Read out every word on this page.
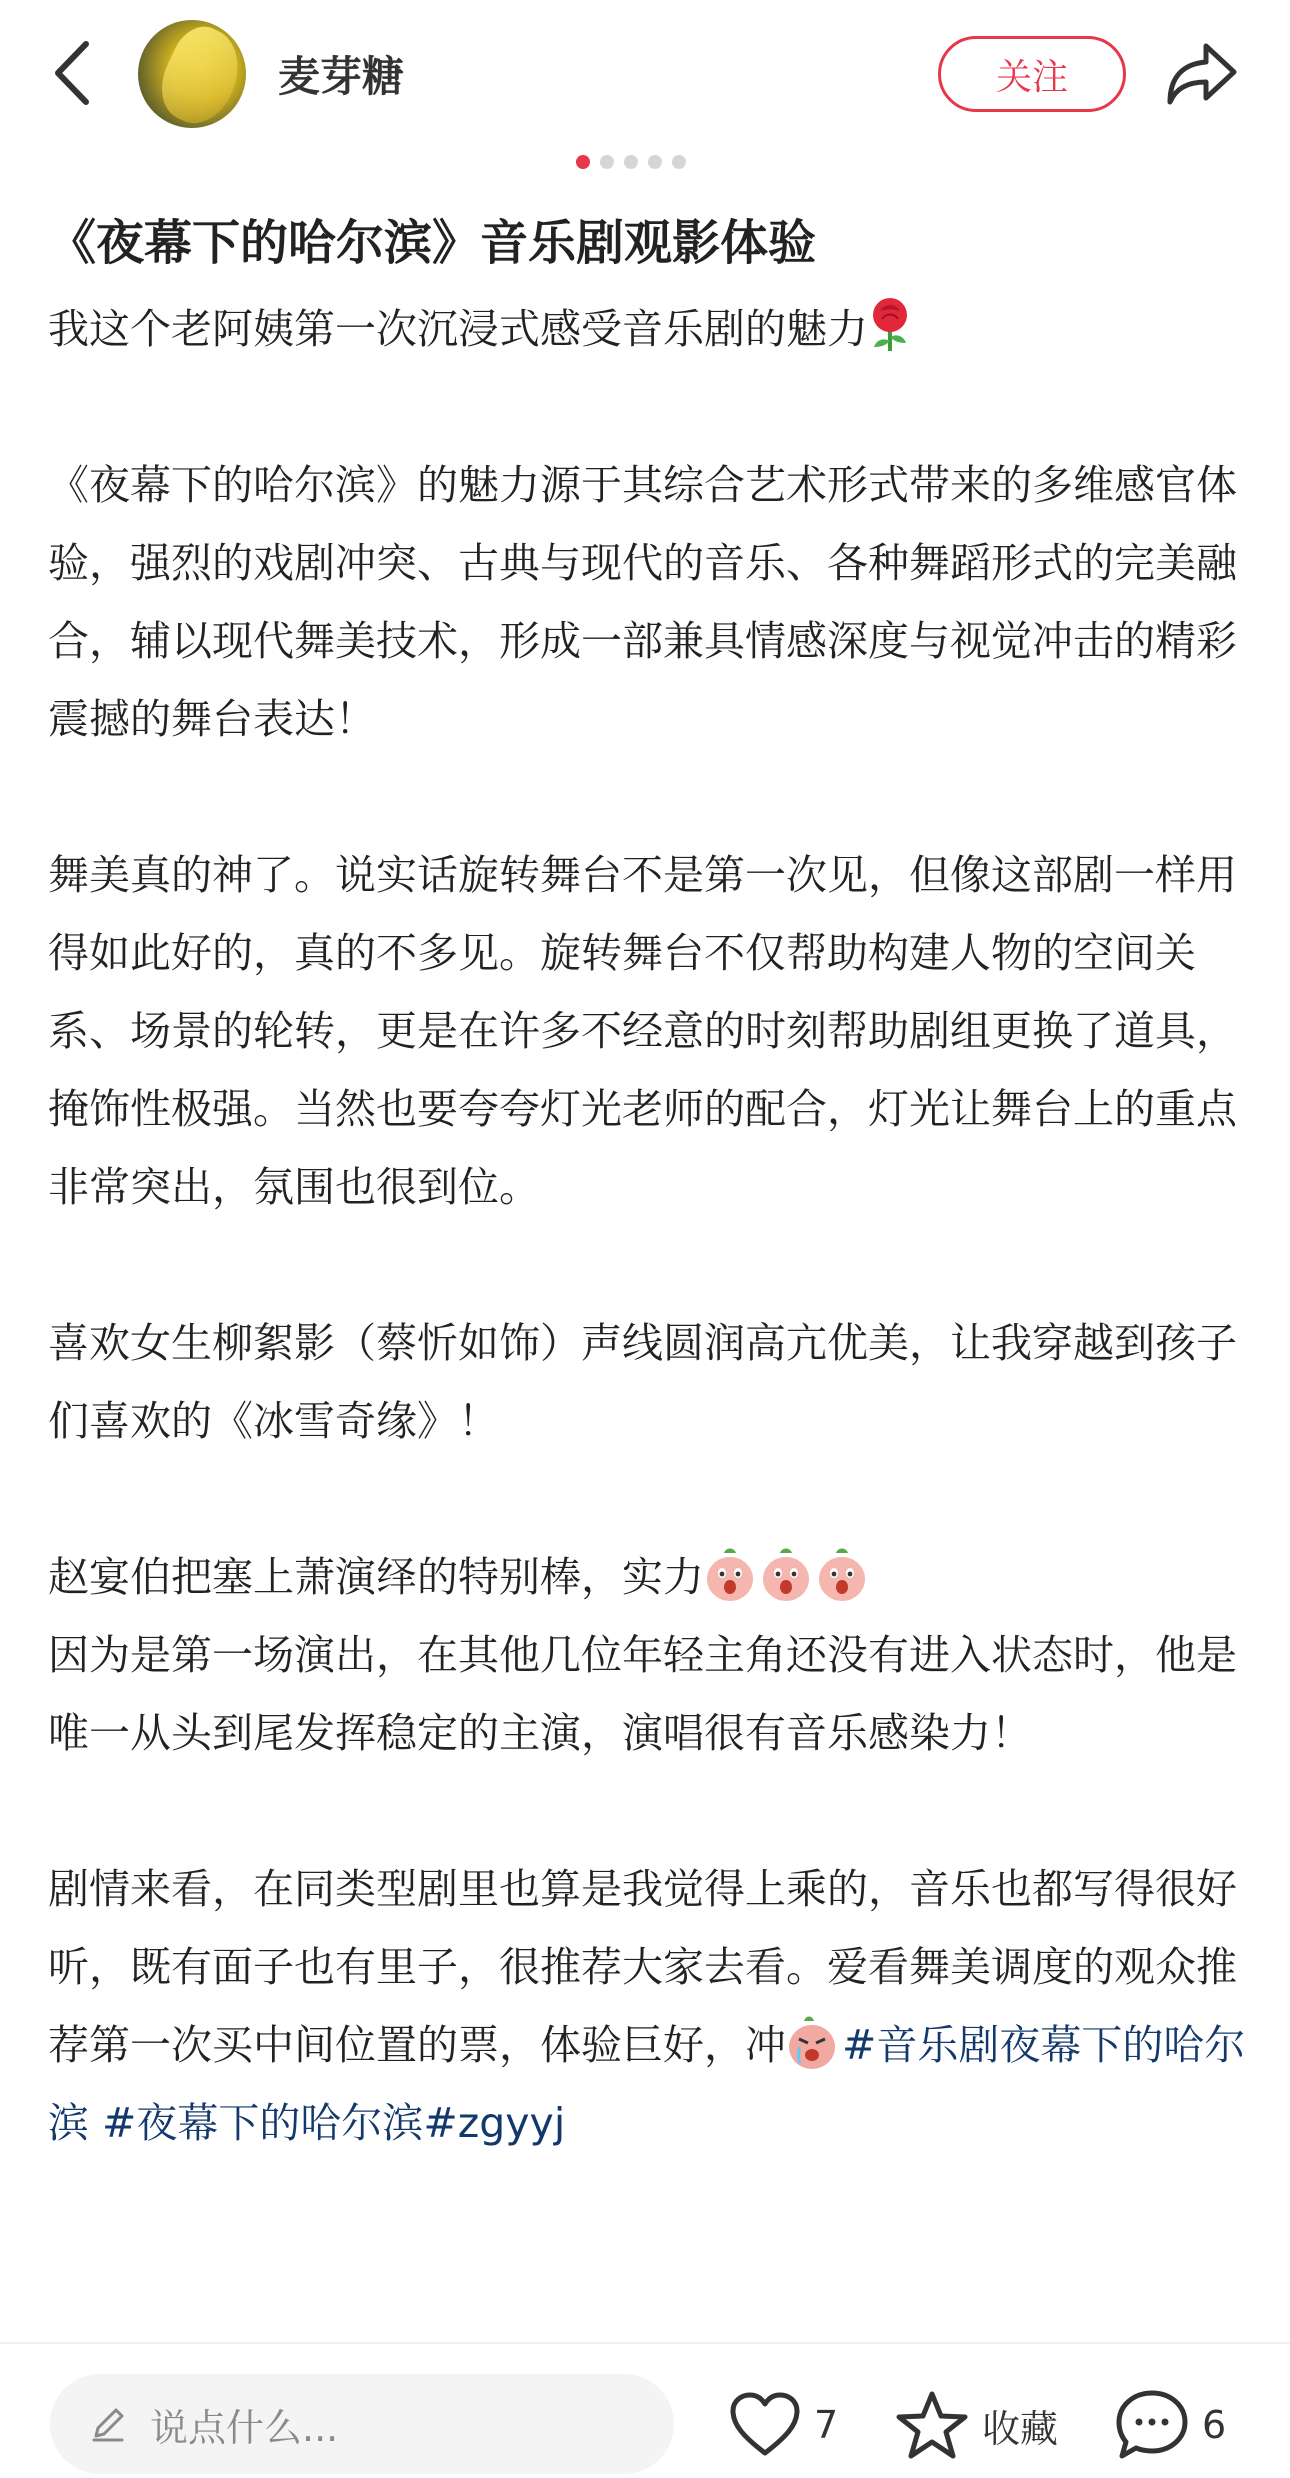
麦芽糖	关注
《夜幕下的哈尔滨》音乐剧观影体验

我这个老阿姨第一次沉浸式感受音乐剧的魅力

《夜幕下的哈尔滨》的魅力源于其综合艺术形式带来的多维感官体验，强烈的戏剧冲突、古典与现代的音乐、各种舞蹈形式的完美融合，辅以现代舞美技术，形成一部兼具情感深度与视觉冲击的精彩震撼的舞台表达！

舞美真的神了。说实话旋转舞台不是第一次见，但像这部剧一样用得如此好的，真的不多见。旋转舞台不仅帮助构建人物的空间关系、场景的轮转，更是在许多不经意的时刻帮助剧组更换了道具，掩饰性极强。当然也要夸夸灯光老师的配合，灯光让舞台上的重点非常突出，氛围也很到位。

喜欢女生柳絮影（蔡忻如饰）声线圆润高亢优美，让我穿越到孩子们喜欢的《冰雪奇缘》！

赵宴伯把塞上萧演绎的特别棒，实力
因为是第一场演出，在其他几位年轻主角还没有进入状态时，他是唯一从头到尾发挥稳定的主演，演唱很有音乐感染力！

剧情来看，在同类型剧里也算是我觉得上乘的，音乐也都写得很好听，既有面子也有里子，很推荐大家去看。爱看舞美调度的观众推荐第一次买中间位置的票，体验巨好，冲 #音乐剧夜幕下的哈尔滨 #夜幕下的哈尔滨#zgyyj

说点什么...	7	收藏	6
